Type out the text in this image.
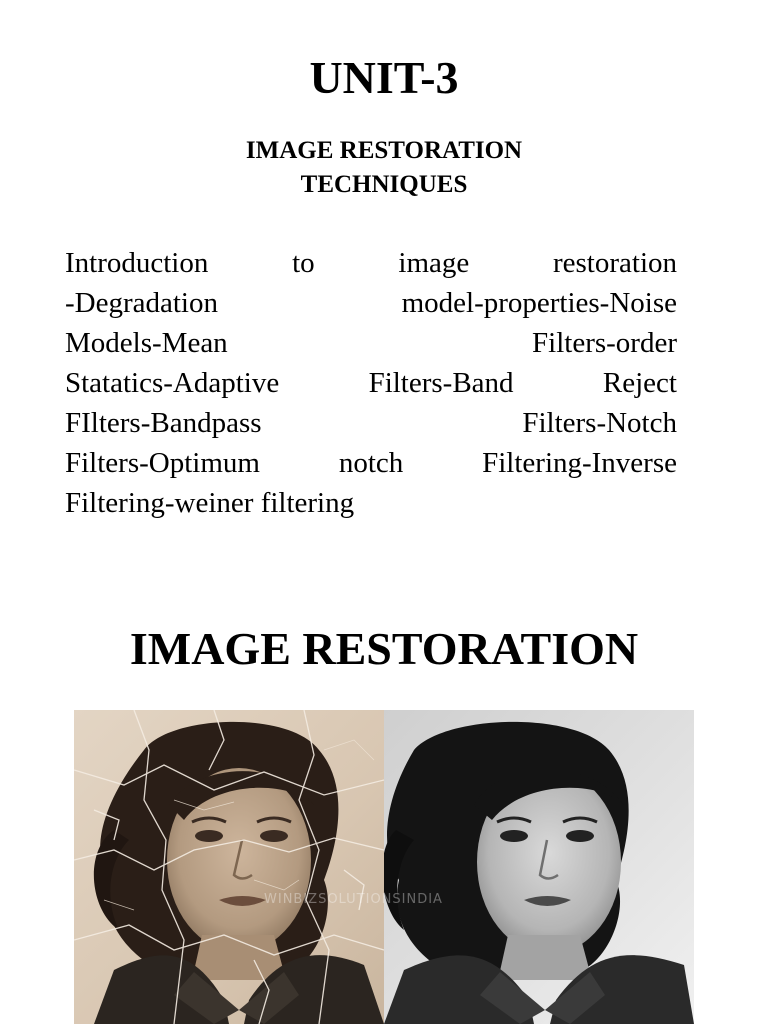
UNIT-3
IMAGE RESTORATION
TECHNIQUES
Introduction	to	image	restoration
-Degradation	model-properties-Noise
Models-Mean	Filters-order
Statatics-Adaptive	Filters-Band	Reject
FIlters-Bandpass	Filters-Notch
Filters-Optimum	notch	Filtering-Inverse
Filtering-weiner filtering
IMAGE RESTORATION
WINBIZSOLUTIONSINDIA
